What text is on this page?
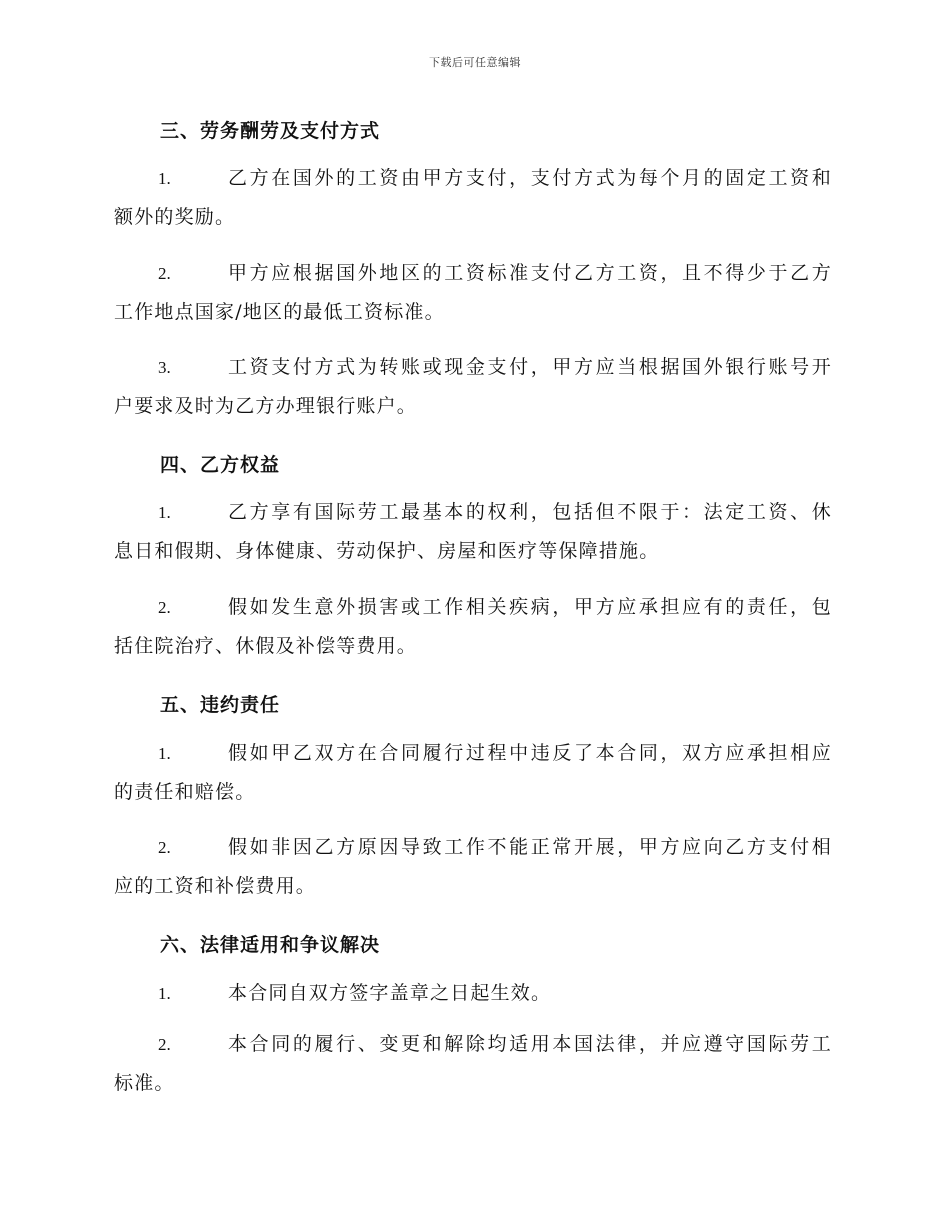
下载后可任意编辑
三、劳务酬劳及支付方式
1.	乙方在国外的工资由甲方支付，支付方式为每个月的固定工资和
额外的奖励。
2.	甲方应根据国外地区的工资标准支付乙方工资，且不得少于乙方
工作地点国家/地区的最低工资标准。
3.	工资支付方式为转账或现金支付，甲方应当根据国外银行账号开
户要求及时为乙方办理银行账户。
四、乙方权益
1.	乙方享有国际劳工最基本的权利，包括但不限于：法定工资、休
息日和假期、身体健康、劳动保护、房屋和医疗等保障措施。
2.	假如发生意外损害或工作相关疾病，甲方应承担应有的责任，包
括住院治疗、休假及补偿等费用。
五、违约责任
1.	假如甲乙双方在合同履行过程中违反了本合同，双方应承担相应
的责任和赔偿。
2.	假如非因乙方原因导致工作不能正常开展，甲方应向乙方支付相
应的工资和补偿费用。
六、法律适用和争议解决
1.	本合同自双方签字盖章之日起生效。
2.	本合同的履行、变更和解除均适用本国法律，并应遵守国际劳工
标准。
